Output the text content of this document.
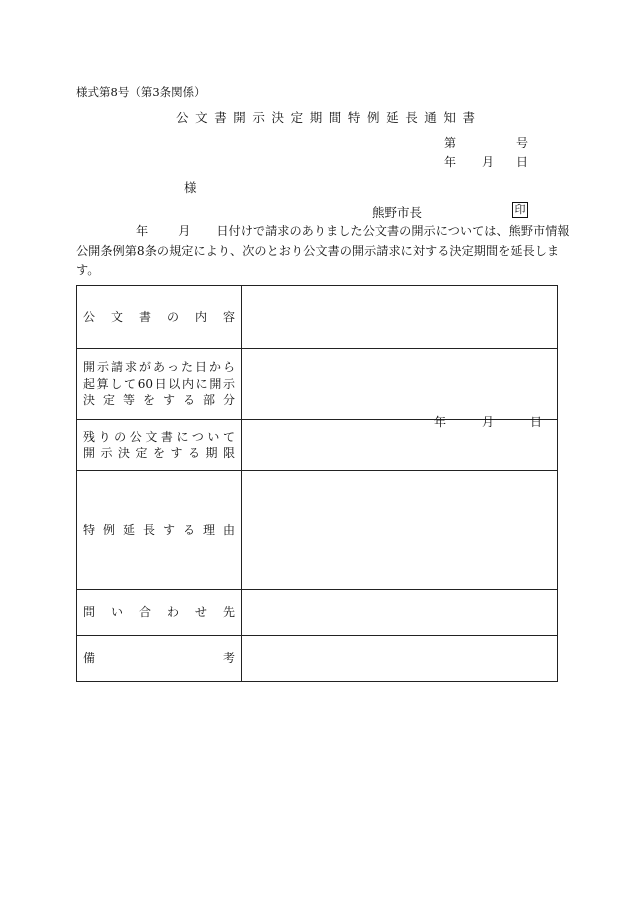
様式第8号（第3条関係）
公文書開示決定期間特例延長通知書
第	号
年 月 日
様
熊野市長	印
年 月 日付けで請求のありました公文書の開示については、熊野市情報
公開条例第8条の規定により、次のとおり公文書の開示請求に対する決定期間を延長しま
す。
公文書の内容	

開示請求があった日から
起算して60日以内に開示
決定等をする部分	

残りの公文書について
開示決定をする期限	年 月 日

特例延長する理由	

問い合わせ先	

備 考	
